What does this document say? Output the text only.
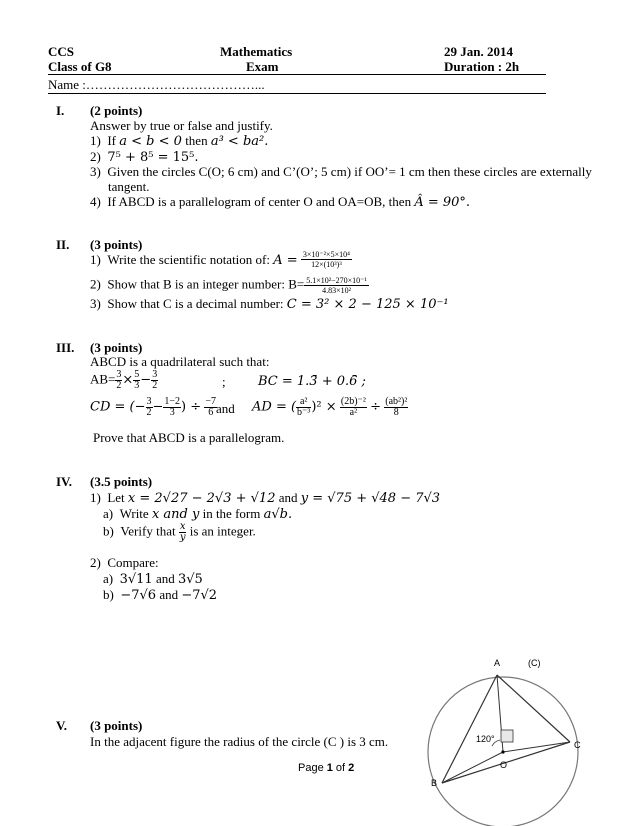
CCS
Class of G8
Mathematics
Exam
29 Jan. 2014
Duration : 2h
Name :…………………………………...
I. (2 points)
Answer by true or false and justify.
1) If a < b < 0 then a³ < ba².
2) 7⁵ + 8⁵ = 15⁵.
3) Given the circles C(O; 6 cm) and C’(O’; 5 cm) if OO’= 1 cm then these circles are externally
tangent.
4) If ABCD is a parallelogram of center O and OA=OB, then Â = 90°.
II. (3 points)
1) Write the scientific notation of: $A = \frac{\text{3×10⁻²×5×10⁴}}{\text{12×(10³)³}}$
2) Show that B is an integer number: $B= \frac{\text{5.1×10²−270×10⁻¹}}{\text{4.83×10²}}$
3) Show that C is a decimal number: C = 3² × 2 − 125 × 10⁻¹
III. (3 points)
ABCD is a quadrilateral such that:
$AB= \frac{3}{2} \times \frac{5}{3} - \frac{3}{2}$	; BC = 1.3̄ + 0.6̄ ;
CD = (− $\frac{3}{2} - \frac{1-2}{3}$ ) ÷ $\frac{-7}{6}$
and AD = ( $\frac{\text{a²}}{\text{b⁻³}} )^2 \times \frac{\text{(2b)⁻²}}{\text{a²}} \div \frac{\text{(ab²)²}}{8}$
Prove that ABCD is a parallelogram.
IV. (3.5 points)
1) Let x = 2√27 − 2√3 + √12 and y = √75 + √48 − 7√3
a) Write x and y in the form a√b.
b) Verify that $\frac{x}{y}$ is an integer.
2) Compare:
a) 3√11 and 3√5
b) −7√6 and −7√2
V. (3 points)
In the adjacent figure the radius of the circle (C ) is 3 cm.
A	(C)
C
B
O
120°
Page 1 of 2
